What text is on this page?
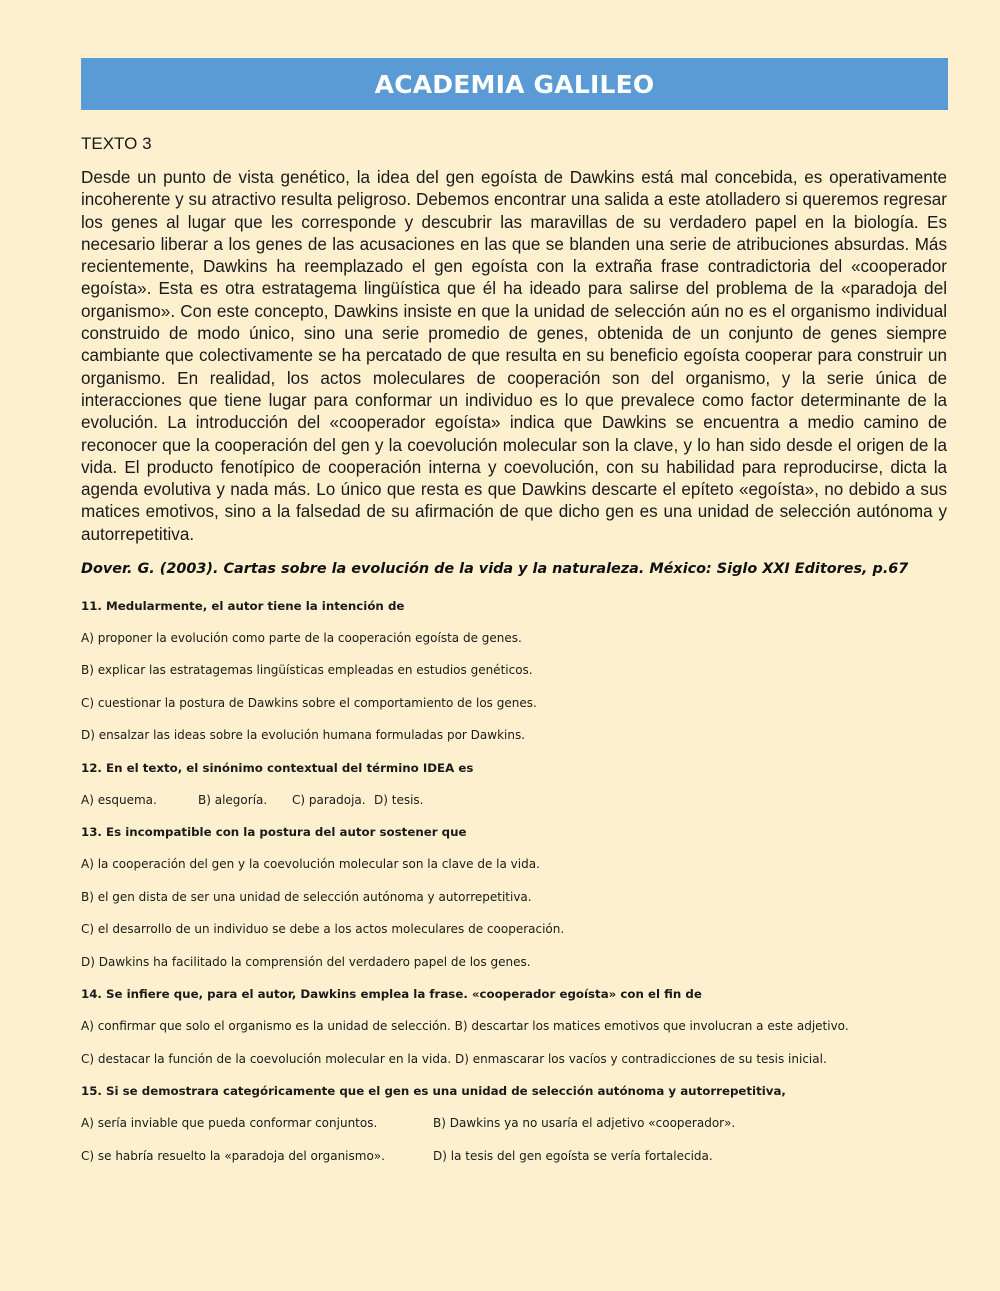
ACADEMIA GALILEO
TEXTO 3

Desde un punto de vista genético, la idea del gen egoísta de Dawkins está mal concebida, es operativamente incoherente y su atractivo resulta peligroso. Debemos encontrar una salida a este atolladero si queremos regresar los genes al lugar que les corresponde y descubrir las maravillas de su verdadero papel en la biología. Es necesario liberar a los genes de las acusaciones en las que se blanden una serie de atribuciones absurdas. Más recientemente, Dawkins ha reemplazado el gen egoísta con la extraña frase contradictoria del «cooperador egoísta». Esta es otra estratagema lingüística que él ha ideado para salirse del problema de la «paradoja del organismo». Con este concepto, Dawkins insiste en que la unidad de selección aún no es el organismo individual construido de modo único, sino una serie promedio de genes, obtenida de un conjunto de genes siempre cambiante que colectivamente se ha percatado de que resulta en su beneficio egoísta cooperar para construir un organismo. En realidad, los actos moleculares de cooperación son del organismo, y la serie única de interacciones que tiene lugar para conformar un individuo es lo que prevalece como factor determinante de la evolución. La introducción del «cooperador egoísta» indica que Dawkins se encuentra a medio camino de reconocer que la cooperación del gen y la coevolución molecular son la clave, y lo han sido desde el origen de la vida. El producto fenotípico de cooperación interna y coevolución, con su habilidad para reproducirse, dicta la agenda evolutiva y nada más. Lo único que resta es que Dawkins descarte el epíteto «egoísta», no debido a sus matices emotivos, sino a la falsedad de su afirmación de que dicho gen es una unidad de selección autónoma y autorrepetitiva.

Dover. G. (2003). Cartas sobre la evolución de la vida y la naturaleza. México: Siglo XXI Editores, p.67
11. Medularmente, el autor tiene la intención de
A) proponer la evolución como parte de la cooperación egoísta de genes.
B) explicar las estratagemas lingüísticas empleadas en estudios genéticos.
C) cuestionar la postura de Dawkins sobre el comportamiento de los genes.
D) ensalzar las ideas sobre la evolución humana formuladas por Dawkins.
12. En el texto, el sinónimo contextual del término IDEA es
A) esquema.	B) alegoría. C) paradoja. D) tesis.
13. Es incompatible con la postura del autor sostener que
A) la cooperación del gen y la coevolución molecular son la clave de la vida.
B) el gen dista de ser una unidad de selección autónoma y autorrepetitiva.
C) el desarrollo de un individuo se debe a los actos moleculares de cooperación.
D) Dawkins ha facilitado la comprensión del verdadero papel de los genes.
14. Se infiere que, para el autor, Dawkins emplea la frase. «cooperador egoísta» con el fin de
A) confirmar que solo el organismo es la unidad de selección. B) descartar los matices emotivos que involucran a este adjetivo.
C) destacar la función de la coevolución molecular en la vida. D) enmascarar los vacíos y contradicciones de su tesis inicial.
15. Si se demostrara categóricamente que el gen es una unidad de selección autónoma y autorrepetitiva,
A) sería inviable que pueda conformar conjuntos.	B) Dawkins ya no usaría el adjetivo «cooperador».
C) se habría resuelto la «paradoja del organismo».	D) la tesis del gen egoísta se vería fortalecida.
